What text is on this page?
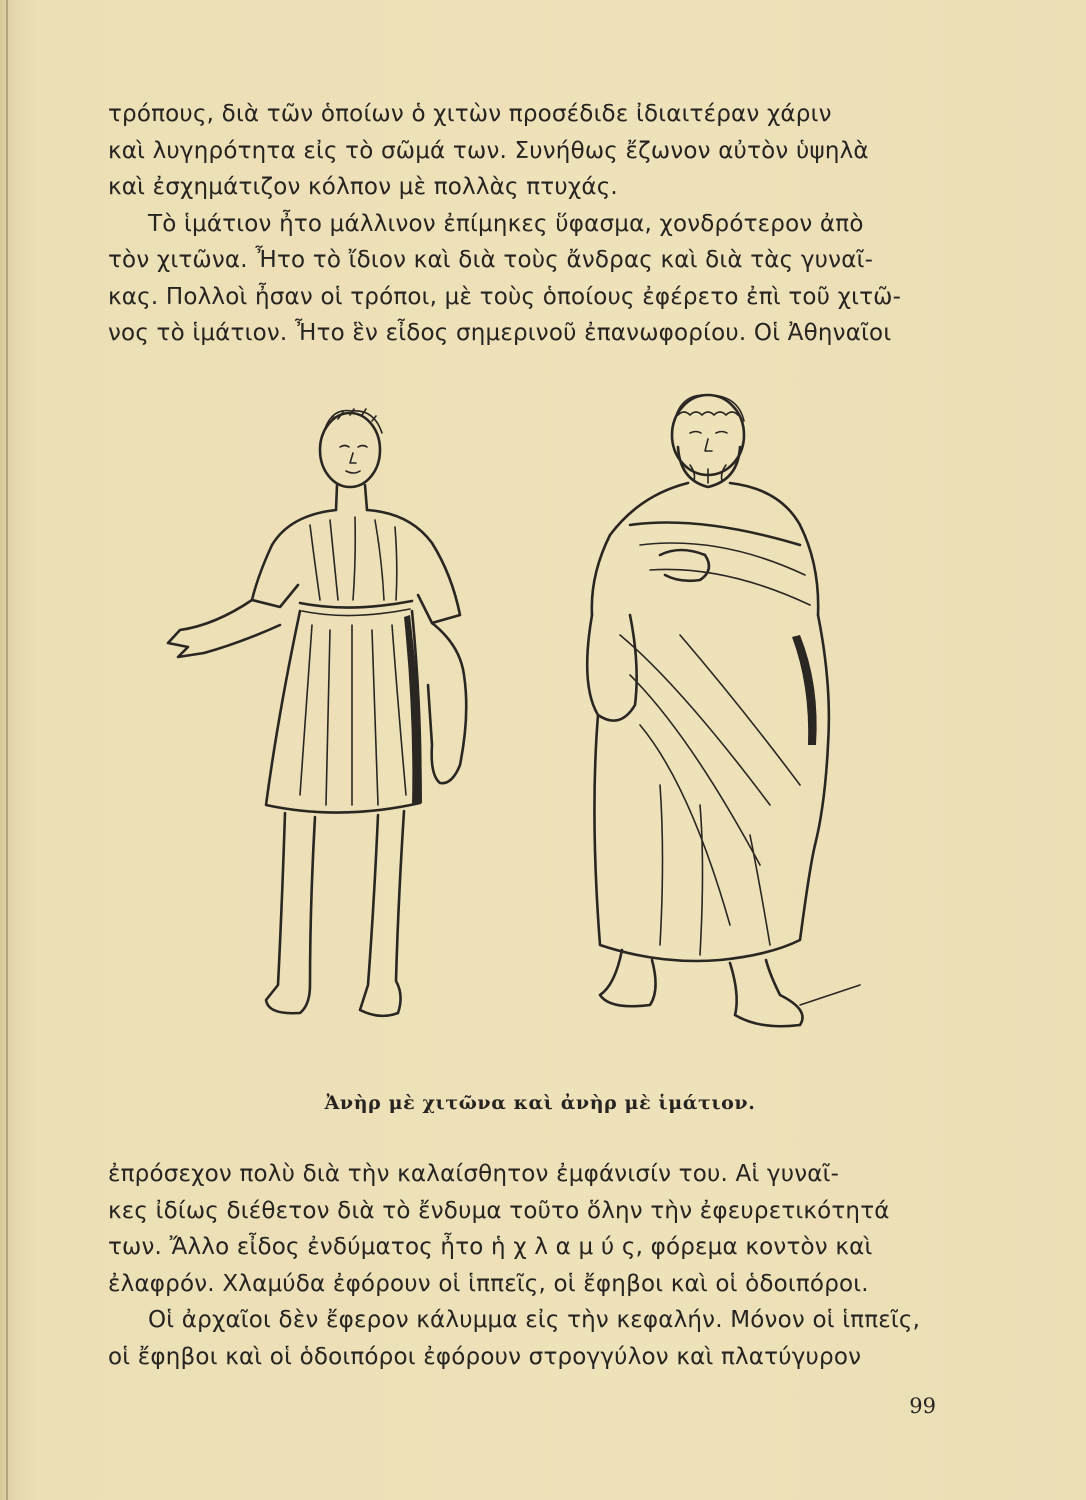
τρόπους, διὰ τῶν ὁποίων ὁ χιτὼν προσέδιδε ἰδιαιτέραν χάριν

καὶ λυγηρότητα εἰς τὸ σῶμά των. Συνήθως ἔζωνον αὐτὸν ὑψηλὰ

καὶ ἐσχημάτιζον κόλπον μὲ πολλὰς πτυχάς.

Τὸ ἱμάτιον ἦτο μάλλινον ἐπίμηκες ὕφασμα, χονδρότερον ἀπὸ

τὸν χιτῶνα. Ἦτο τὸ ἴδιον καὶ διὰ τοὺς ἄνδρας καὶ διὰ τὰς γυναῖ-

κας. Πολλοὶ ἦσαν οἱ τρόποι, μὲ τοὺς ὁποίους ἐφέρετο ἐπὶ τοῦ χιτῶ-

νος τὸ ἱμάτιον. Ἦτο ἓν εἶδος σημερινοῦ ἐπανωφορίου. Οἱ Ἀθηναῖοι

Ἀνὴρ μὲ χιτῶνα καὶ ἀνὴρ μὲ ἱμάτιον.

ἐπρόσεχον πολὺ διὰ τὴν καλαίσθητον ἐμφάνισίν του. Αἱ γυναῖ-

κες ἰδίως διέθετον διὰ τὸ ἔνδυμα τοῦτο ὅλην τὴν ἐφευρετικότητά

των. Ἄλλο εἶδος ἐνδύματος ἦτο ἡ χ λ α μ ύ ς, φόρεμα κοντὸν καὶ

ἐλαφρόν. Χλαμύδα ἐφόρουν οἱ ἱππεῖς, οἱ ἔφηβοι καὶ οἱ ὁδοιπόροι.

Οἱ ἀρχαῖοι δὲν ἔφερον κάλυμμα εἰς τὴν κεφαλήν. Μόνον οἱ ἱππεῖς,

οἱ ἔφηβοι καὶ οἱ ὁδοιπόροι ἐφόρουν στρογγύλον καὶ πλατύγυρον

99
